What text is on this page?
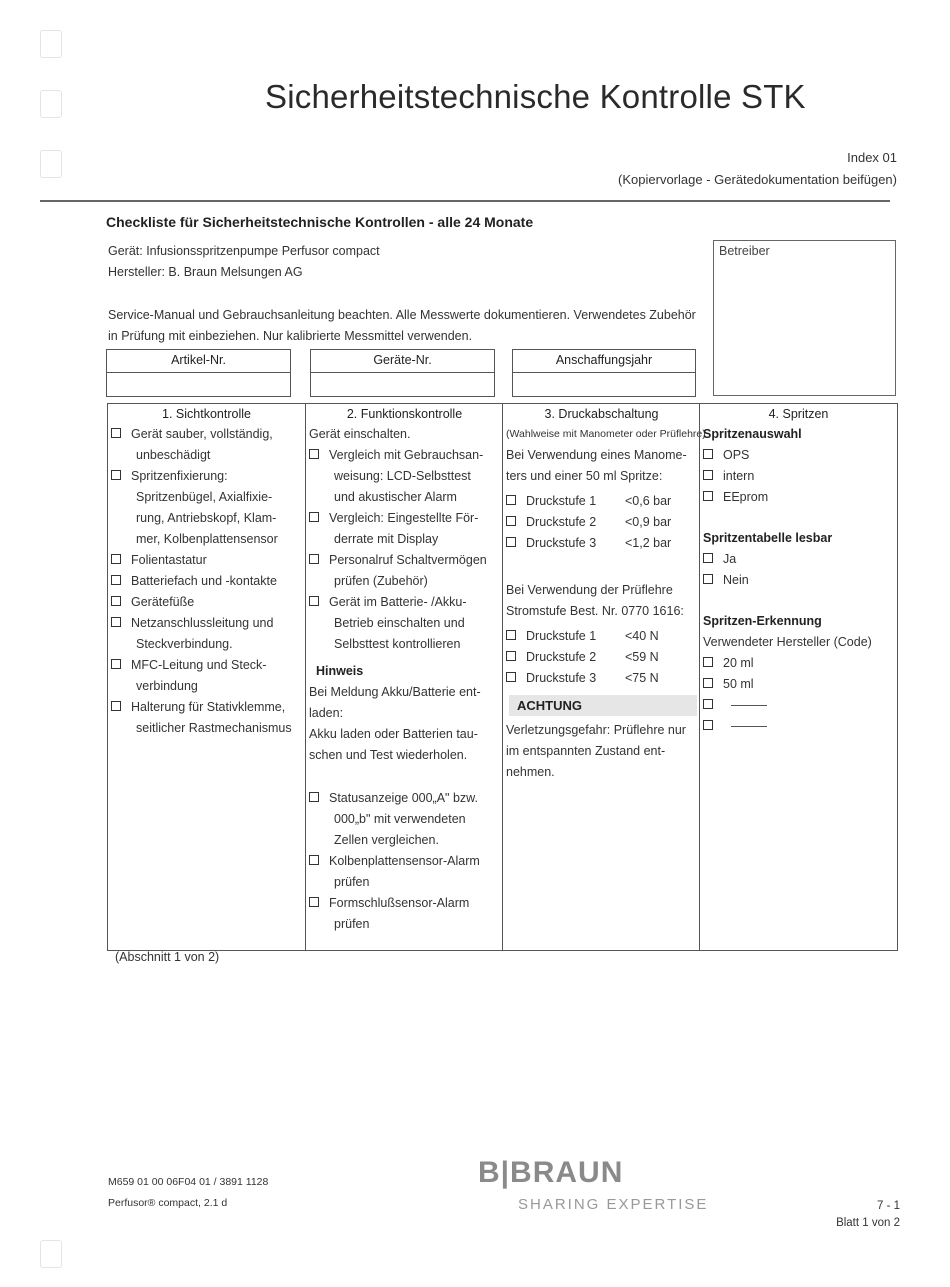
Sicherheitstechnische Kontrolle STK
Index 01
(Kopiervorlage - Gerätedokumentation beifügen)
Checkliste für Sicherheitstechnische Kontrollen - alle 24 Monate
Gerät: Infusionsspritzenpumpe Perfusor compact
Hersteller: B. Braun Melsungen AG
Service-Manual und Gebrauchsanleitung beachten. Alle Messwerte dokumentieren. Verwendetes Zubehör in Prüfung mit einbeziehen. Nur kalibrierte Messmittel verwenden.
Betreiber
Artikel-Nr.	Geräte-Nr.	Anschaffungsjahr
1. Sichtkontrolle
Gerät sauber, vollständig,
unbeschädigt
Spritzenfixierung:
Spritzenbügel, Axialfixie-
rung, Antriebskopf, Klam-
mer, Kolbenplattensensor
Folientastatur
Batteriefach und -kontakte
Gerätefüße
Netzanschlussleitung und
Steckverbindung.
MFC-Leitung und Steck-
verbindung
Halterung für Stativklemme,
seitlicher Rastmechanismus
2. Funktionskontrolle
Gerät einschalten.
Vergleich mit Gebrauchsan-
weisung: LCD-Selbsttest
und akustischer Alarm
Vergleich: Eingestellte För-
derrate mit Display
Personalruf Schaltvermögen
prüfen (Zubehör)
Gerät im Batterie- /Akku-
Betrieb einschalten und
Selbsttest kontrollieren
Hinweis
Bei Meldung Akku/Batterie ent-
laden:
Akku laden oder Batterien tau-
schen und Test wiederholen.
Statusanzeige 000„A" bzw.
000„b" mit verwendeten
Zellen vergleichen.
Kolbenplattensensor-Alarm
prüfen
Formschlußsensor-Alarm
prüfen
3. Druckabschaltung
(Wahlweise mit Manometer oder Prüflehre)
Bei Verwendung eines Manome-
ters und einer 50 ml Spritze:
Druckstufe 1 <0,6 bar
Druckstufe 2 <0,9 bar
Druckstufe 3 <1,2 bar
Bei Verwendung der Prüflehre
Stromstufe Best. Nr. 0770 1616:
Druckstufe 1 <40 N
Druckstufe 2 <59 N
Druckstufe 3 <75 N
ACHTUNG
Verletzungsgefahr: Prüflehre nur
im entspannten Zustand ent-
nehmen.
4. Spritzen
Spritzenauswahl
OPS
intern
EEprom
Spritzentabelle lesbar
Ja
Nein
Spritzen-Erkennung
Verwendeter Hersteller (Code)
20 ml
50 ml
(Abschnitt 1 von 2)
M659 01 00 06F04 01 / 3891 1128
Perfusor® compact, 2.1 d
B|BRAUN
SHARING EXPERTISE	7 - 1
Blatt 1 von 2
